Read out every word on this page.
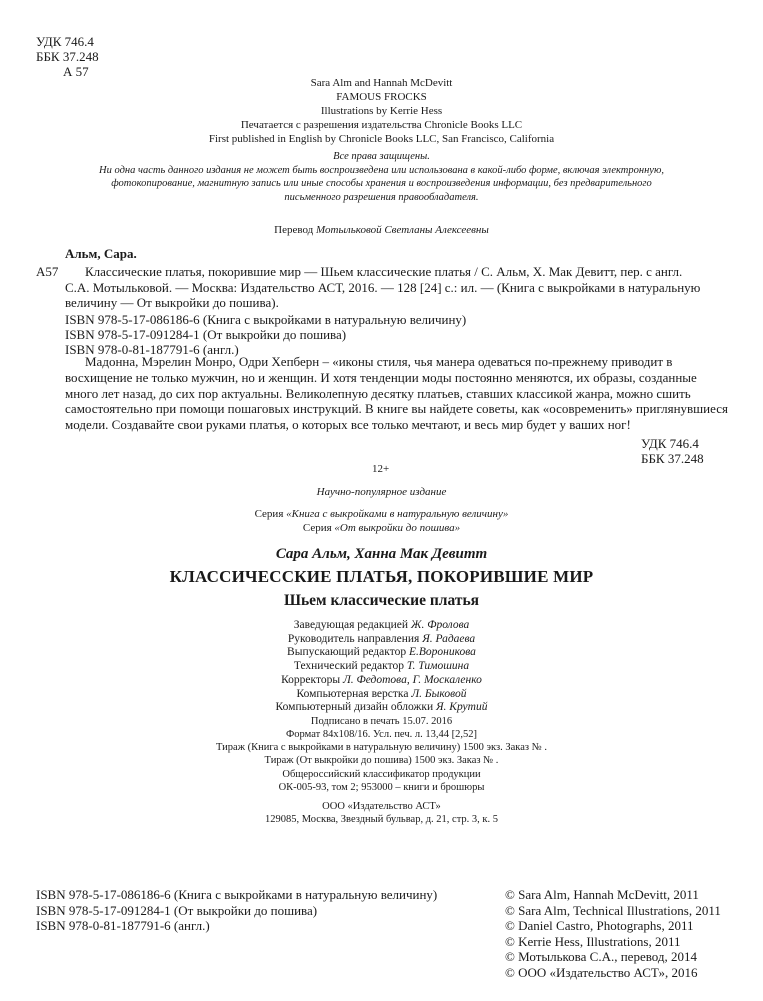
УДК 746.4
ББК 37.248
А 57
Sara Alm and Hannah McDevitt
FAMOUS FROCKS
Illustrations by Kerrie Hess
Печатается с разрешения издательства Chronicle Books LLC
First published in English by Chronicle Books LLC, San Francisco, California
Все права защищены.
Ни одна часть данного издания не может быть воспроизведена или использована в какой-либо форме, включая электронную,
фотокопирование, магнитную запись или иные способы хранения и воспроизведения информации, без предварительного
письменного разрешения правообладателя.
Перевод Мотыльковой Светланы Алексеевны
Альм, Сара.
А57	Классические платья, покорившие мир — Шьем классические платья / С. Альм, Х. Мак Девитт, пер. с англ.
С.А. Мотыльковой. — Москва: Издательство АСТ, 2016. — 128 [24] с.: ил. — (Книга с выкройками в натуральную
величину — От выкройки до пошива).
ISBN 978-5-17-086186-6 (Книга с выкройками в натуральную величину)
ISBN 978-5-17-091284-1 (От выкройки до пошива)
ISBN 978-0-81-187791-6 (англ.)
Мадонна, Мэрелин Монро, Одри Хепберн – «иконы стиля, чья манера одеваться по-прежнему приводит в
восхищение не только мужчин, но и женщин. И хотя тенденции моды постоянно меняются, их образы, созданные
много лет назад, до сих пор актуальны. Великолепную десятку платьев, ставших классикой жанра, можно сшить
самостоятельно при помощи пошаговых инструкций. В книге вы найдете советы, как «осовременить» приглянувшиеся
модели. Создавайте свои руками платья, о которых все только мечтают, и весь мир будет у ваших ног!
УДК 746.4
ББК 37.248
12+
Научно-популярное издание
Серия «Книга с выкройками в натуральную величину»
Серия «От выкройки до пошива»
Сара Альм, Ханна Мак Девитт
КЛАССИЧЕССКИЕ ПЛАТЬЯ, ПОКОРИВШИЕ МИР
Шьем классические платья
Заведующая редакцией Ж. Фролова
Руководитель направления Я. Радаева
Выпускающий редактор Е.Ворoникова
Технический редактор Т. Тимошина
Корректоры Л. Федотова, Г. Москаленко
Компьютерная верстка Л. Быковой
Компьютерный дизайн обложки Я. Крутий
Подписано в печать 15.07. 2016
Формат 84х108/16. Усл. печ. л. 13,44 [2,52]
Тираж (Книга с выкройками в натуральную величину) 1500 экз. Заказ № .
Тираж (От выкройки до пошива) 1500 экз. Заказ № .
Общероссийский классификатор продукции
ОК-005-93, том 2; 953000 – книги и брошюры
ООО «Издательство АСТ»
129085, Москва, Звездный бульвар, д. 21, стр. 3, к. 5
ISBN 978-5-17-086186-6 (Книга с выкройками в натуральную величину)
ISBN 978-5-17-091284-1 (От выкройки до пошива)
ISBN 978-0-81-187791-6 (англ.)
© Sara Alm, Hannah McDevitt, 2011
© Sara Alm, Technical Illustrations, 2011
© Daniel Castro, Photographs, 2011
© Kerrie Hess, Illustrations, 2011
© Мотылькова С.А., перевод, 2014
© ООО «Издательство АСТ», 2016
